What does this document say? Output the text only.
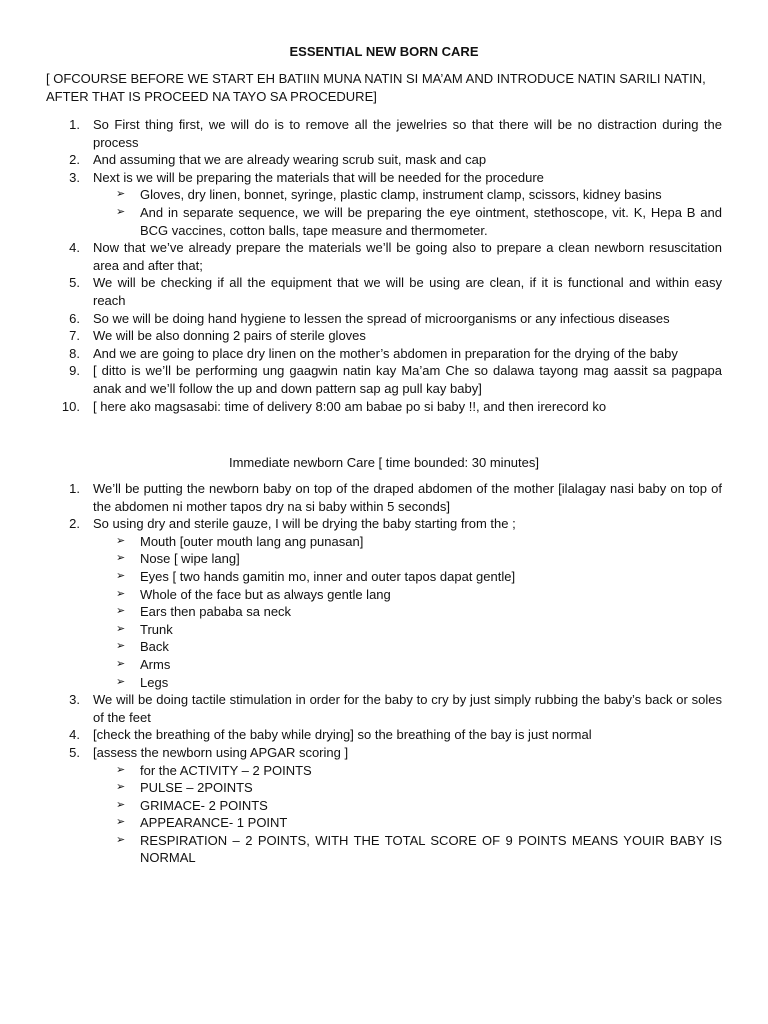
ESSENTIAL NEW BORN CARE
[ OFCOURSE BEFORE WE START EH BATIIN MUNA NATIN SI MA’AM AND INTRODUCE NATIN SARILI NATIN, AFTER THAT IS PROCEED NA TAYO SA PROCEDURE]
1. So First thing first, we will do is to remove all the jewelries so that there will be no distraction during the process
2. And assuming that we are already wearing scrub suit, mask and cap
3. Next is we will be preparing the materials that will be needed for the procedure
➢ Gloves, dry linen, bonnet, syringe, plastic clamp, instrument clamp, scissors, kidney basins
➢ And in separate sequence, we will be preparing the eye ointment, stethoscope, vit. K, Hepa B and BCG vaccines, cotton balls, tape measure and thermometer.
4. Now that we’ve already prepare the materials we’ll be going also to prepare a clean newborn resuscitation area and after that;
5. We will be checking if all the equipment that we will be using are clean, if it is functional and within easy reach
6. So we will be doing hand hygiene to lessen the spread of microorganisms or any infectious diseases
7. We will be also donning 2 pairs of sterile gloves
8. And we are going to place dry linen on the mother’s abdomen in preparation for the drying of the baby
9. [ ditto is we’ll be performing ung gaagwin natin kay Ma’am Che so dalawa tayong mag aassit sa pagpapa anak and we’ll follow the up and down pattern sap ag pull kay baby]
10. [ here ako magsasabi: time of delivery 8:00 am babae po si baby !!, and then irerecord ko
Immediate newborn Care [ time bounded: 30 minutes]
1. We’ll be putting the newborn baby on top of the draped abdomen of the mother [ilalagay nasi baby on top of the abdomen ni mother tapos dry na si baby within 5 seconds]
2. So using dry and sterile gauze, I will be drying the baby starting from the ;
➢ Mouth [outer mouth lang ang punasan]
➢ Nose [ wipe lang]
➢ Eyes [ two hands gamitin mo, inner and outer tapos dapat gentle]
➢ Whole of the face but as always gentle lang
➢ Ears then pababa sa neck
➢ Trunk
➢ Back
➢ Arms
➢ Legs
3. We will be doing tactile stimulation in order for the baby to cry by just simply rubbing the baby’s back or soles of the feet
4. [check the breathing of the baby while drying] so the breathing of the bay is just normal
5. [assess the newborn using APGAR scoring ]
➢ for the ACTIVITY – 2 POINTS
➢ PULSE – 2POINTS
➢ GRIMACE- 2 POINTS
➢ APPEARANCE- 1 POINT
➢ RESPIRATION – 2 POINTS, WITH THE TOTAL SCORE OF 9 POINTS MEANS YOUIR BABY IS NORMAL
